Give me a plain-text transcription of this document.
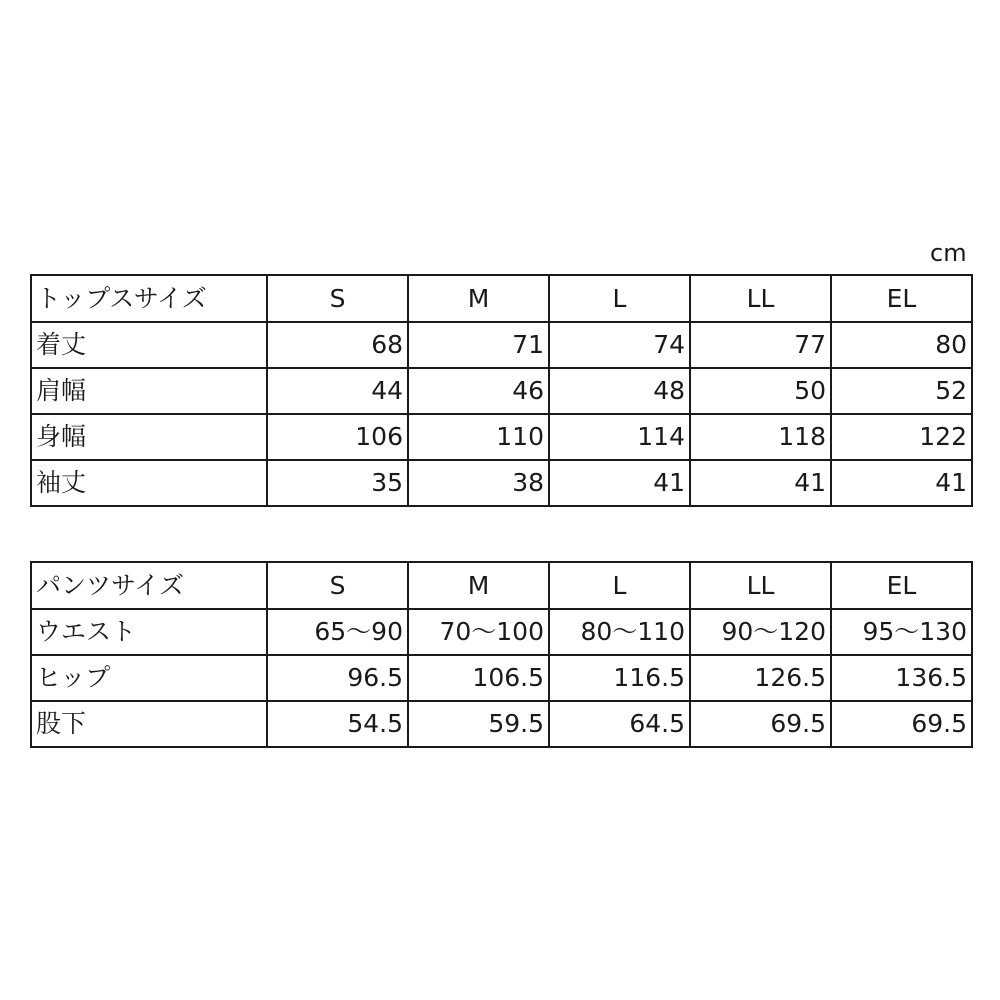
cm
トップスサイズ	S	M	L	LL	EL
着丈	68	71	74	77	80
肩幅	44	46	48	50	52
身幅	106	110	114	118	122
袖丈	35	38	41	41	41
パンツサイズ	S	M	L	LL	EL
ウエスト	65～90	70～100	80～110	90～120	95～130
ヒップ	96.5	106.5	116.5	126.5	136.5
股下	54.5	59.5	64.5	69.5	69.5
